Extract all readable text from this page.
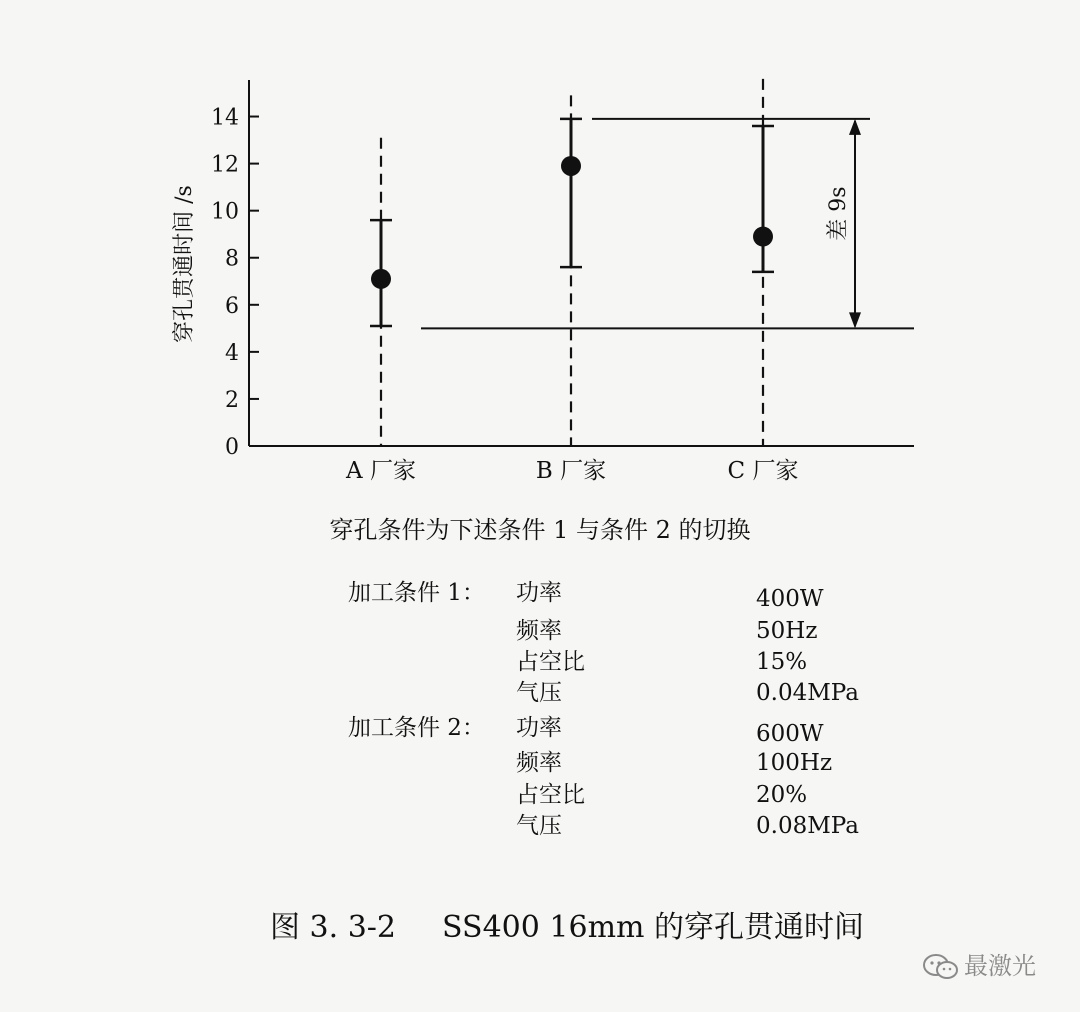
0
2
4
6
8
10
12
14
A 厂家	B 厂家	C 厂家
差 9s
穿孔贯通时间 /s
穿孔条件为下述条件 1 与条件 2 的切换
加工条件 1： 功率	400W
频率	50Hz
占空比	15%
气压	0.04MPa
加工条件 2： 功率	600W
频率	100Hz
占空比	20%
气压	0.08MPa
图 3. 3-2 SS400 16mm 的穿孔贯通时间
最激光
